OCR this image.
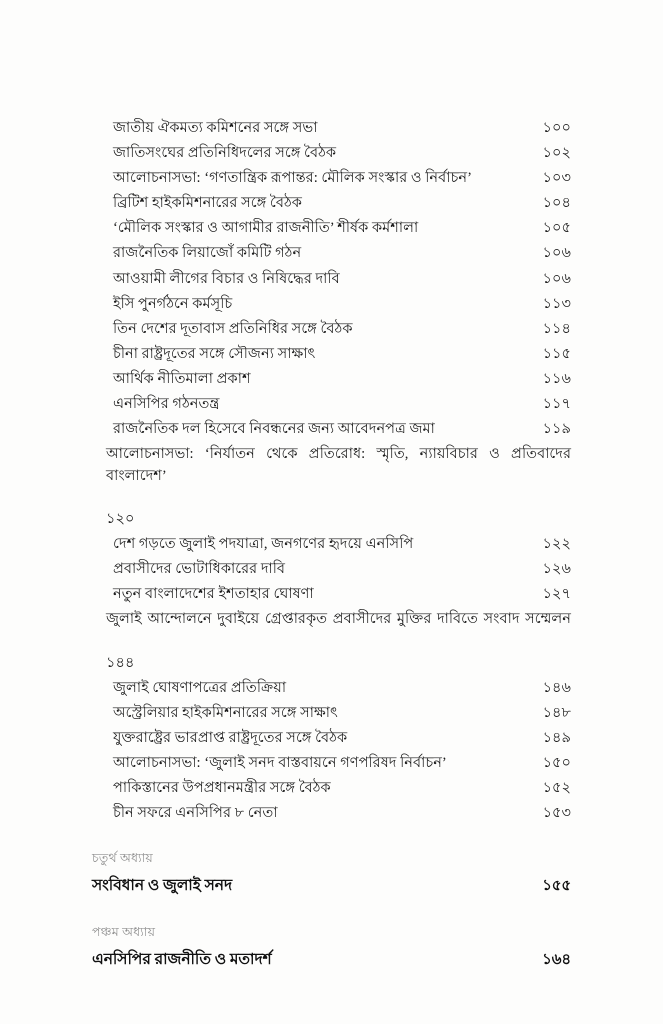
জাতীয় ঐকমত্য কমিশনের সঙ্গে সভা	১০০
জাতিসংঘের প্রতিনিধিদলের সঙ্গে বৈঠক	১০২
আলোচনাসভা: ‘গণতান্ত্রিক রূপান্তর: মৌলিক সংস্কার ও নির্বাচন’	১০৩
ব্রিটিশ হাইকমিশনারের সঙ্গে বৈঠক	১০৪
‘মৌলিক সংস্কার ও আগামীর রাজনীতি’ শীর্ষক কর্মশালা	১০৫
রাজনৈতিক লিয়াজোঁ কমিটি গঠন	১০৬
আওয়ামী লীগের বিচার ও নিষিদ্ধের দাবি	১০৬
ইসি পুনর্গঠনে কর্মসূচি	১১৩
তিন দেশের দূতাবাস প্রতিনিধির সঙ্গে বৈঠক	১১৪
চীনা রাষ্ট্রদূতের সঙ্গে সৌজন্য সাক্ষাৎ	১১৫
আর্থিক নীতিমালা প্রকাশ	১১৬
এনসিপির গঠনতন্ত্র	১১৭
রাজনৈতিক দল হিসেবে নিবন্ধনের জন্য আবেদনপত্র জমা	১১৯
আলোচনাসভা: ‘নির্যাতন থেকে প্রতিরোধ: স্মৃতি, ন্যায়বিচার ও প্রতিবাদের বাংলাদেশ’  ১২০
দেশ গড়তে জুলাই পদযাত্রা, জনগণের হৃদয়ে এনসিপি	১২২
প্রবাসীদের ভোটাধিকারের দাবি	১২৬
নতুন বাংলাদেশের ইশতাহার ঘোষণা	১২৭
জুলাই আন্দোলনে দুবাইয়ে গ্রেপ্তারকৃত প্রবাসীদের মুক্তির দাবিতে সংবাদ সম্মেলন  ১৪৪
জুলাই ঘোষণাপত্রের প্রতিক্রিয়া	১৪৬
অস্ট্রেলিয়ার হাইকমিশনারের সঙ্গে সাক্ষাৎ	১৪৮
যুক্তরাষ্ট্রের ভারপ্রাপ্ত রাষ্ট্রদূতের সঙ্গে বৈঠক	১৪৯
আলোচনাসভা: ‘জুলাই সনদ বাস্তবায়নে গণপরিষদ নির্বাচন’	১৫০
পাকিস্তানের উপপ্রধানমন্ত্রীর সঙ্গে বৈঠক	১৫২
চীন সফরে এনসিপির ৮ নেতা	১৫৩
চতুর্থ অধ্যায়
সংবিধান ও জুলাই সনদ	১৫৫
পঞ্চম অধ্যায়
এনসিপির রাজনীতি ও মতাদর্শ	১৬৪
